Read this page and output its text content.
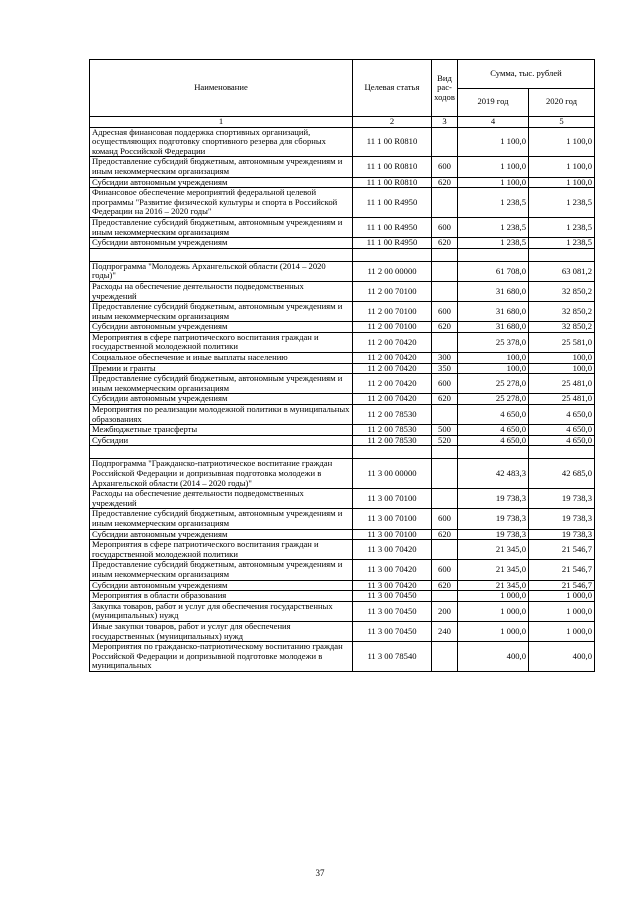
Наименование	Целевая статья	Вид рас-ходов	Сумма, тыс. рублей	
			2019 год	2020 год
1	2	3	4	5
Адресная финансовая поддержка спортивных организаций, осуществляющих подготовку спортивного резерва для сборных команд Российской Федерации	11 1 00 R0810		1 100,0	1 100,0
Предоставление субсидий бюджетным, автономным учреждениям и иным некоммерческим организациям	11 1 00 R0810	600	1 100,0	1 100,0
Субсидии автономным учреждениям	11 1 00 R0810	620	1 100,0	1 100,0
Финансовое обеспечение мероприятий федеральной целевой программы "Развитие физической культуры и спорта в Российской Федерации на 2016 – 2020 годы"	11 1 00 R4950		1 238,5	1 238,5
Предоставление субсидий бюджетным, автономным учреждениям и иным некоммерческим организациям	11 1 00 R4950	600	1 238,5	1 238,5
Субсидии автономным учреждениям	11 1 00 R4950	620	1 238,5	1 238,5

Подпрограмма "Молодежь Архангельской области (2014 – 2020 годы)"	11 2 00 00000		61 708,0	63 081,2
Расходы на обеспечение деятельности подведомственных учреждений	11 2 00 70100		31 680,0	32 850,2
Предоставление субсидий бюджетным, автономным учреждениям и иным некоммерческим организациям	11 2 00 70100	600	31 680,0	32 850,2
Субсидии автономным учреждениям	11 2 00 70100	620	31 680,0	32 850,2
Мероприятия в сфере патриотического воспитания граждан и государственной молодежной политики	11 2 00 70420		25 378,0	25 581,0
Социальное обеспечение и иные выплаты населению	11 2 00 70420	300	100,0	100,0
Премии и гранты	11 2 00 70420	350	100,0	100,0
Предоставление субсидий бюджетным, автономным учреждениям и иным некоммерческим организациям	11 2 00 70420	600	25 278,0	25 481,0
Субсидии автономным учреждениям	11 2 00 70420	620	25 278,0	25 481,0
Мероприятия по реализации молодежной политики в муниципальных образованиях	11 2 00 78530		4 650,0	4 650,0
Межбюджетные трансферты	11 2 00 78530	500	4 650,0	4 650,0
Субсидии	11 2 00 78530	520	4 650,0	4 650,0

Подпрограмма "Гражданско-патриотическое воспитание граждан Российской Федерации и допризывная подготовка молодежи в Архангельской области (2014 – 2020 годы)"	11 3 00 00000		42 483,3	42 685,0
Расходы на обеспечение деятельности подведомственных учреждений	11 3 00 70100		19 738,3	19 738,3
Предоставление субсидий бюджетным, автономным учреждениям и иным некоммерческим организациям	11 3 00 70100	600	19 738,3	19 738,3
Субсидии автономным учреждениям	11 3 00 70100	620	19 738,3	19 738,3
Мероприятия в сфере патриотического воспитания граждан и государственной молодежной политики	11 3 00 70420		21 345,0	21 546,7
Предоставление субсидий бюджетным, автономным учреждениям и иным некоммерческим организациям	11 3 00 70420	600	21 345,0	21 546,7
Субсидии автономным учреждениям	11 3 00 70420	620	21 345,0	21 546,7
Мероприятия в области образования	11 3 00 70450		1 000,0	1 000,0
Закупка товаров, работ и услуг для обеспечения государственных (муниципальных) нужд	11 3 00 70450	200	1 000,0	1 000,0
Иные закупки товаров, работ и услуг для обеспечения государственных (муниципальных) нужд	11 3 00 70450	240	1 000,0	1 000,0
Мероприятия по гражданско-патриотическому воспитанию граждан Российской Федерации и допризывной подготовке молодежи в муниципальных	11 3 00 78540		400,0	400,0
37
